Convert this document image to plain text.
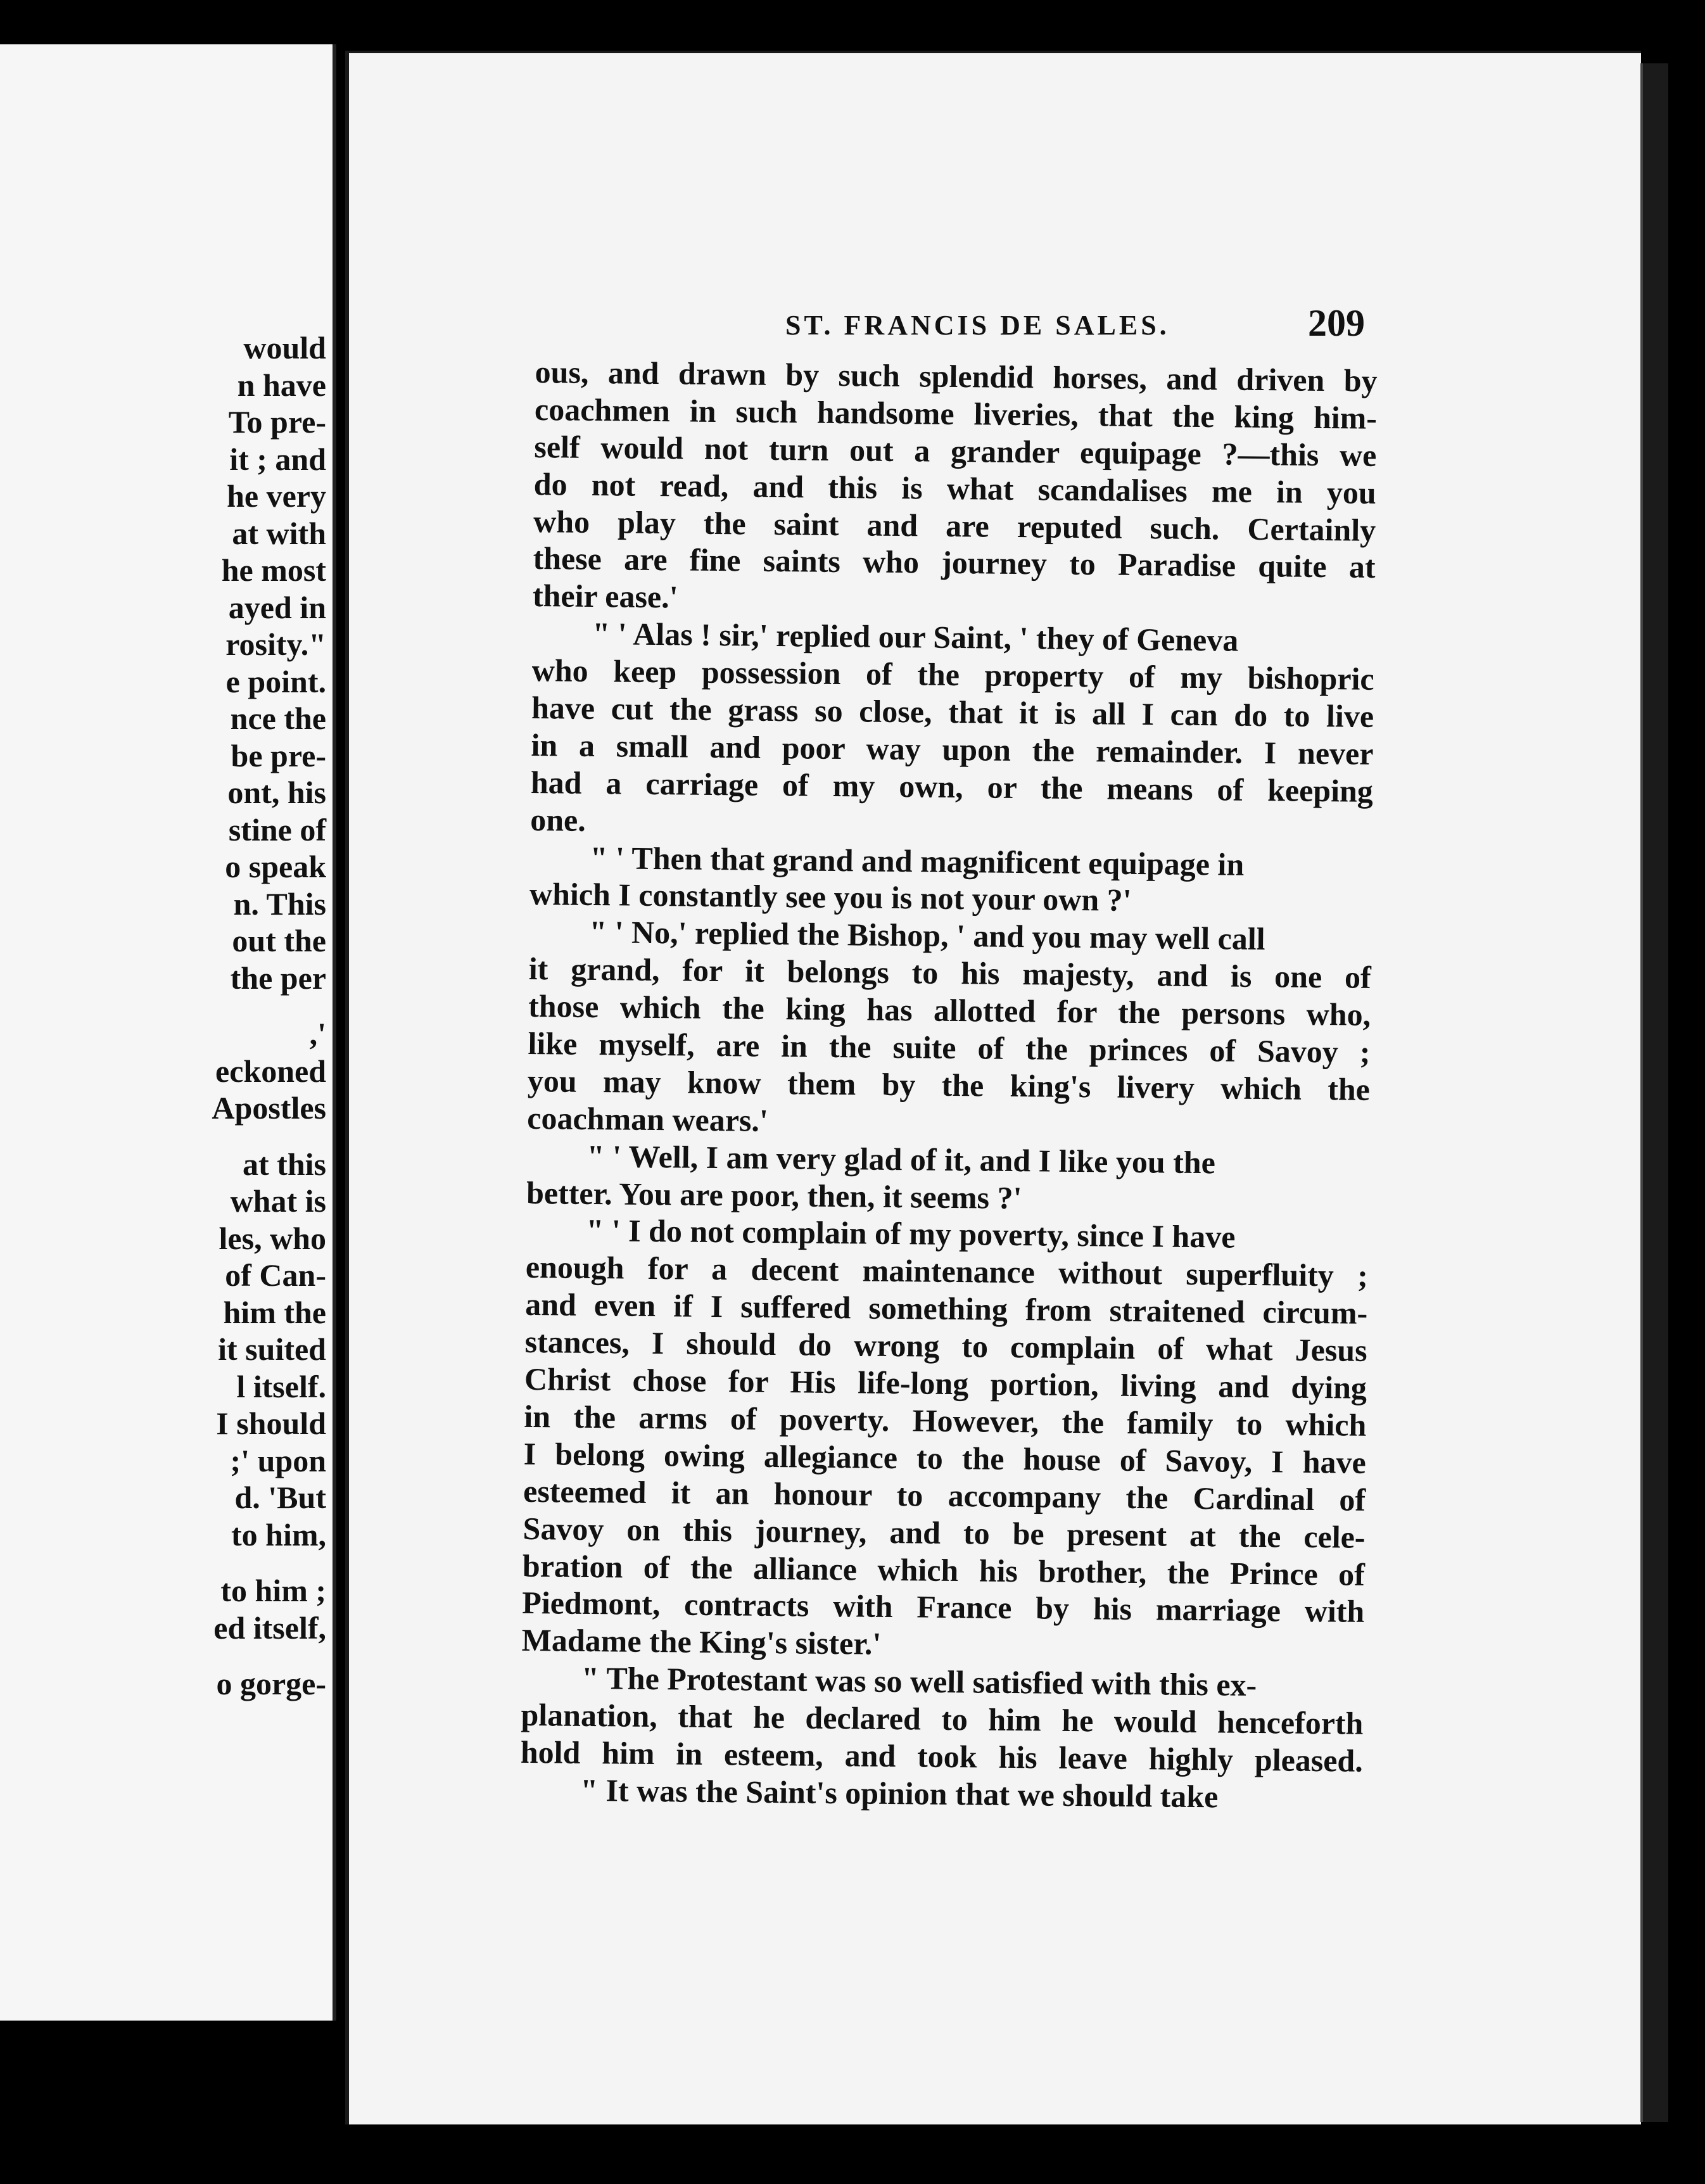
would
n have
To pre-
it ; and
he very
at with
he most
ayed in
rosity."
e point.
nce the
be pre-
ont, his
stine of
o speak
n. This
out the
the per
,'
eckoned
Apostles
at this
what is
les, who
of Can-
him the
it suited
l itself.
I should
;' upon
d. 'But
to him,
to him ;
ed itself,
o gorge-
ST. FRANCIS DE SALES.	209
ous, and drawn by such splendid horses, and driven by
coachmen in such handsome liveries, that the king him-
self would not turn out a grander equipage ?—this we
do not read, and this is what scandalises me in you
who play the saint and are reputed such. Certainly
these are fine saints who journey to Paradise quite at
their ease.'
" ' Alas ! sir,' replied our Saint, ' they of Geneva
who keep possession of the property of my bishopric
have cut the grass so close, that it is all I can do to live
in a small and poor way upon the remainder. I never
had a carriage of my own, or the means of keeping
one.
" ' Then that grand and magnificent equipage in
which I constantly see you is not your own ?'
" ' No,' replied the Bishop, ' and you may well call
it grand, for it belongs to his majesty, and is one of
those which the king has allotted for the persons who,
like myself, are in the suite of the princes of Savoy ;
you may know them by the king's livery which the
coachman wears.'
" ' Well, I am very glad of it, and I like you the
better. You are poor, then, it seems ?'
" ' I do not complain of my poverty, since I have
enough for a decent maintenance without superfluity ;
and even if I suffered something from straitened circum-
stances, I should do wrong to complain of what Jesus
Christ chose for His life-long portion, living and dying
in the arms of poverty. However, the family to which
I belong owing allegiance to the house of Savoy, I have
esteemed it an honour to accompany the Cardinal of
Savoy on this journey, and to be present at the cele-
bration of the alliance which his brother, the Prince of
Piedmont, contracts with France by his marriage with
Madame the King's sister.'
" The Protestant was so well satisfied with this ex-
planation, that he declared to him he would henceforth
hold him in esteem, and took his leave highly pleased.
" It was the Saint's opinion that we should take
